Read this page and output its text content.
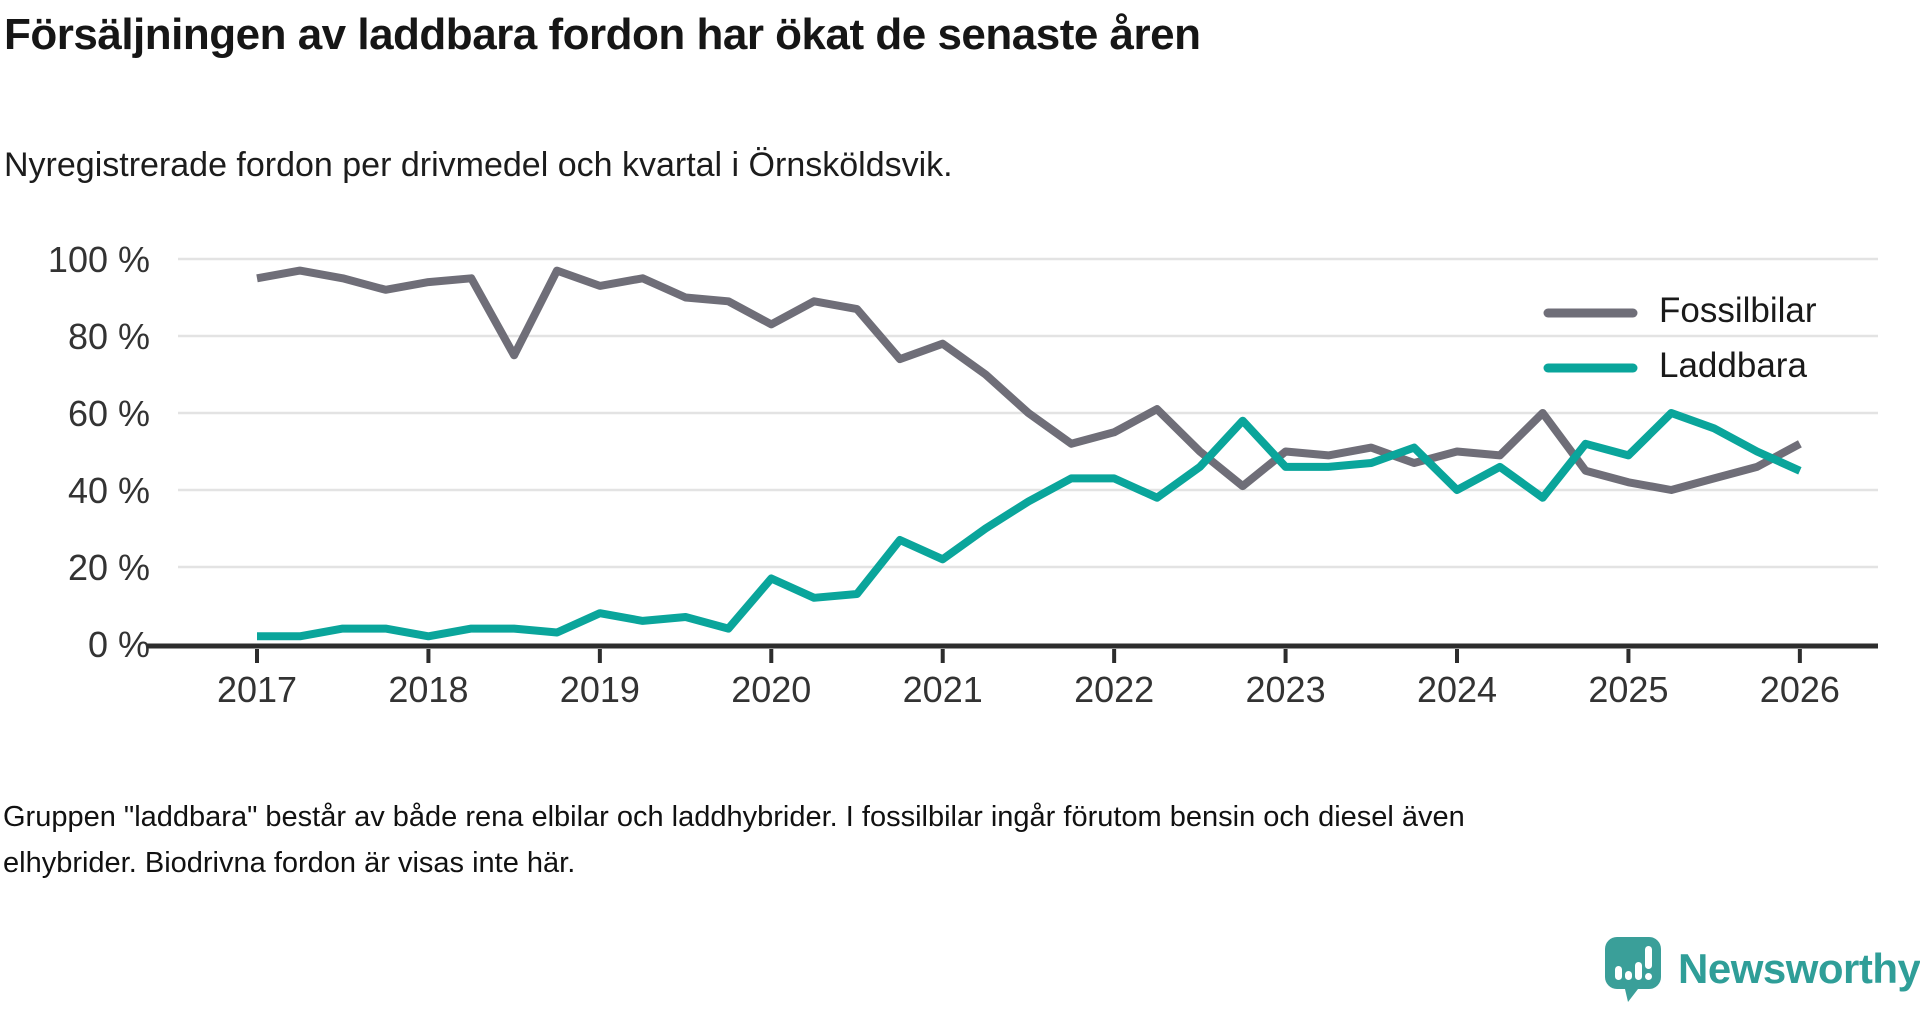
Försäljningen av laddbara fordon har ökat de senaste åren
Nyregistrerade fordon per drivmedel och kvartal i Örnsköldsvik.
0 %
20 %
40 %
60 %
80 %
100 %
2017	2018	2019	2020	2021	2022	2023	2024	2025	2026
Fossilbilar
Laddbara
Gruppen "laddbara" består av både rena elbilar och laddhybrider. I fossilbilar ingår förutom bensin och diesel även
elhybrider. Biodrivna fordon är visas inte här.
Newsworthy
